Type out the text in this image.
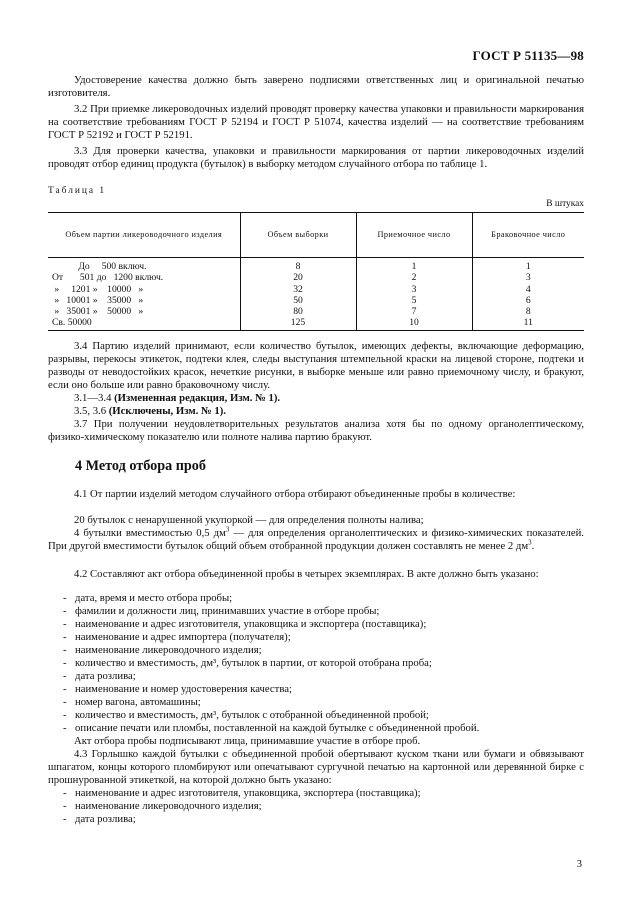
ГОСТ Р 51135—98

Удостоверение качества должно быть заверено подписями ответственных лиц и оригинальной печатью изготовителя.

3.2 При приемке ликероводочных изделий проводят проверку качества упаковки и правильности маркирования на соответствие требованиям ГОСТ Р 52194 и ГОСТ Р 51074, качества изделий — на соответствие требованиям ГОСТ Р 52192 и ГОСТ Р 52191.

3.3 Для проверки качества, упаковки и правильности маркирования от партии ликероводочных изделий проводят отбор единиц продукта (бутылок) в выборку методом случайного отбора по таблице 1.

Таблица 1
В штуках
Объем партии ликероводочного изделия	Объем выборки	Приемочное число	Браковочное число
До     500 включ.	8	1	1
От       501 до   1200 включ.	20	2	3
»     1201 »    10000   »	32	3	4
»   10001 »    35000   »	50	5	6
»   35001 »    50000   »	80	7	8
Св. 50000	125	10	11

3.4 Партию изделий принимают, если количество бутылок, имеющих дефекты, включающие деформацию, разрывы, перекосы этикеток, подтеки клея, следы выступания штемпельной краски на лицевой стороне, подтеки и разводы от неводостойких красок, нечеткие рисунки, в выборке меньше или равно приемочному числу, и бракуют, если оно больше или равно браковочному числу.

3.1—3.4 (Измененная редакция, Изм. № 1).

3.5, 3.6 (Исключены, Изм. № 1).

3.7 При получении неудовлетворительных результатов анализа хотя бы по одному органолептическому, физико-химическому показателю или полноте налива партию бракуют.

4 Метод отбора проб

4.1 От партии изделий методом случайного отбора отбирают объединенные пробы в количестве:

20 бутылок с ненарушенной укупоркой — для определения полноты налива;

4 бутылки вместимостью 0,5 $дм^3$ — для определения органолептических и физико-химических показателей. При другой вместимости бутылок общий объем отобранной продукции должен составлять не менее 2 $дм^3$.

4.2 Составляют акт отбора объединенной пробы в четырех экземплярах. В акте должно быть указано:

- дата, время и место отбора пробы;
- фамилии и должности лиц, принимавших участие в отборе пробы;
- наименование и адрес изготовителя, упаковщика и экспортера (поставщика);
- наименование и адрес импортера (получателя);
- наименование ликероводочного изделия;
- количество и вместимость, дм³, бутылок в партии, от которой отобрана проба;
- дата розлива;
- наименование и номер удостоверения качества;
- номер вагона, автомашины;
- количество и вместимость, дм³, бутылок с отобранной объединенной пробой;
- описание печати или пломбы, поставленной на каждой бутылке с объединенной пробой.

Акт отбора пробы подписывают лица, принимавшие участие в отборе проб.

4.3 Горлышко каждой бутылки с объединенной пробой обертывают куском ткани или бумаги и обвязывают шпагатом, концы которого пломбируют или опечатывают сургучной печатью на картонной или деревянной бирке с прошнурованной этикеткой, на которой должно быть указано:

- наименование и адрес изготовителя, упаковщика, экспортера (поставщика);
- наименование ликероводочного изделия;
- дата розлива;
3
